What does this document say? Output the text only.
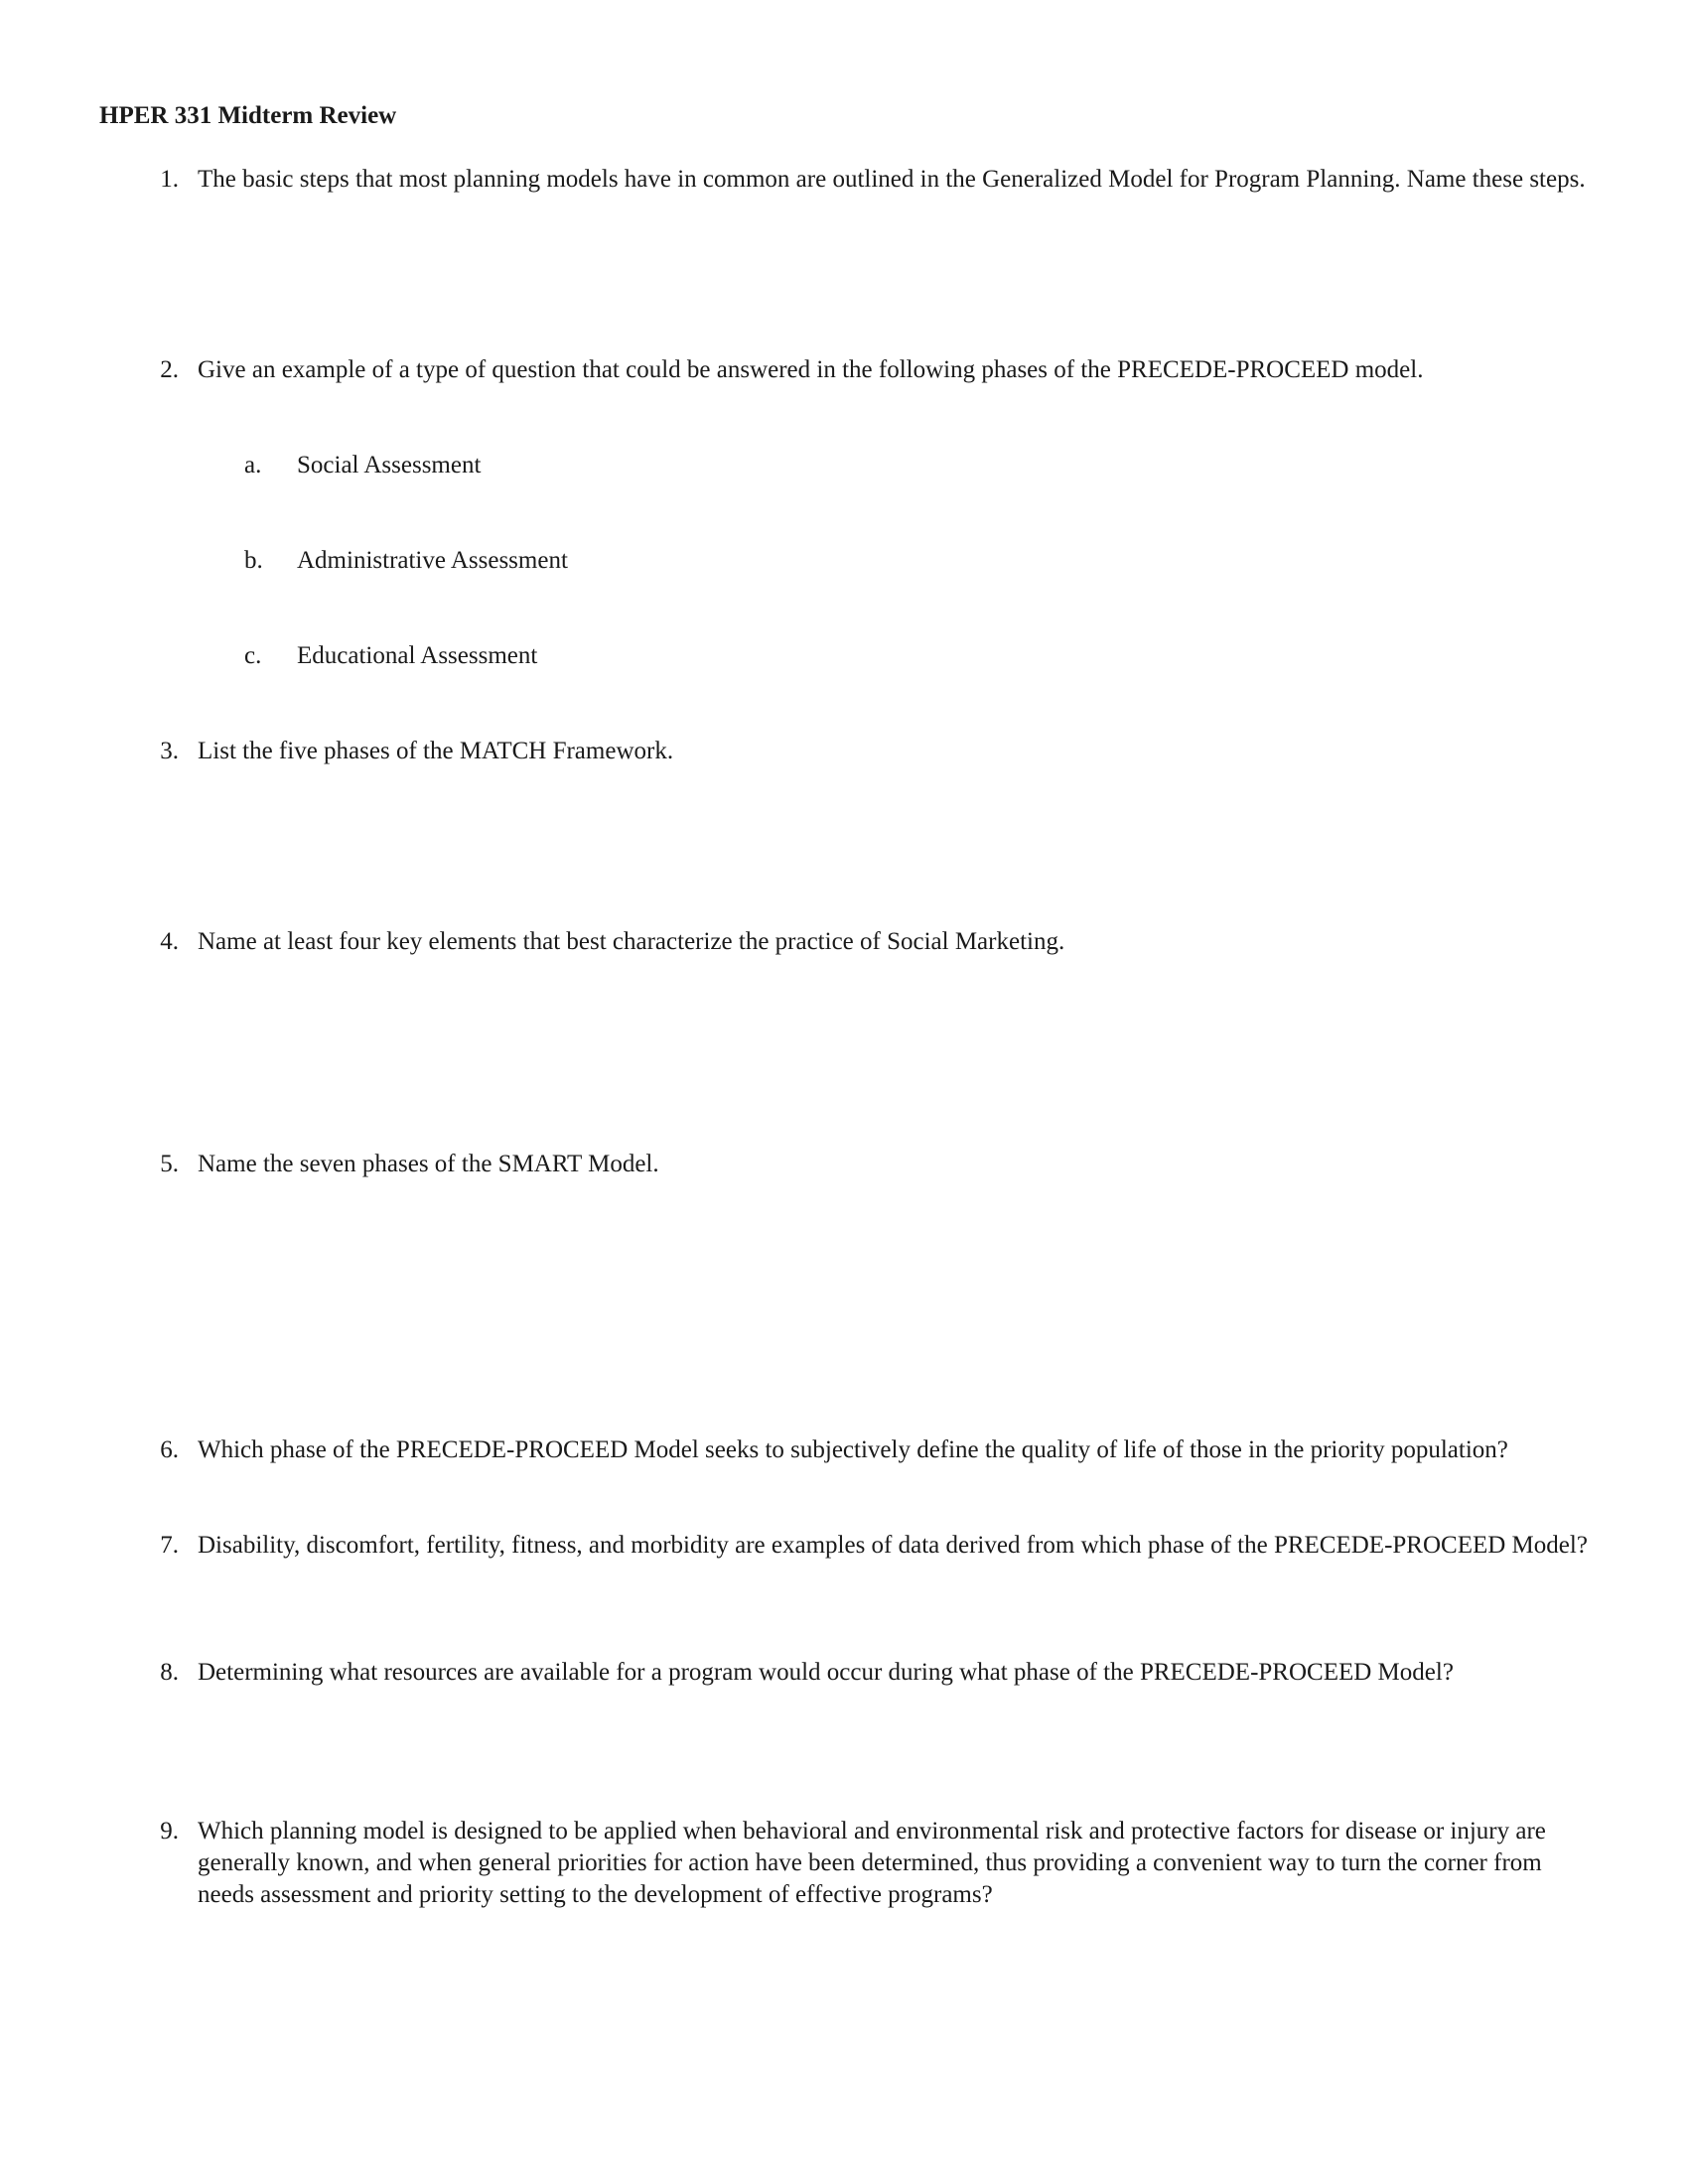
HPER 331 Midterm Review
1. The basic steps that most planning models have in common are outlined in the Generalized Model for Program Planning. Name these steps.
2. Give an example of a type of question that could be answered in the following phases of the PRECEDE-PROCEED model.
a. Social Assessment
b. Administrative Assessment
c. Educational Assessment
3. List the five phases of the MATCH Framework.
4. Name at least four key elements that best characterize the practice of Social Marketing.
5. Name the seven phases of the SMART Model.
6. Which phase of the PRECEDE-PROCEED Model seeks to subjectively define the quality of life of those in the priority population?
7. Disability, discomfort, fertility, fitness, and morbidity are examples of data derived from which phase of the PRECEDE-PROCEED Model?
8. Determining what resources are available for a program would occur during what phase of the PRECEDE-PROCEED Model?
9. Which planning model is designed to be applied when behavioral and environmental risk and protective factors for disease or injury are generally known, and when general priorities for action have been determined, thus providing a convenient way to turn the corner from needs assessment and priority setting to the development of effective programs?
